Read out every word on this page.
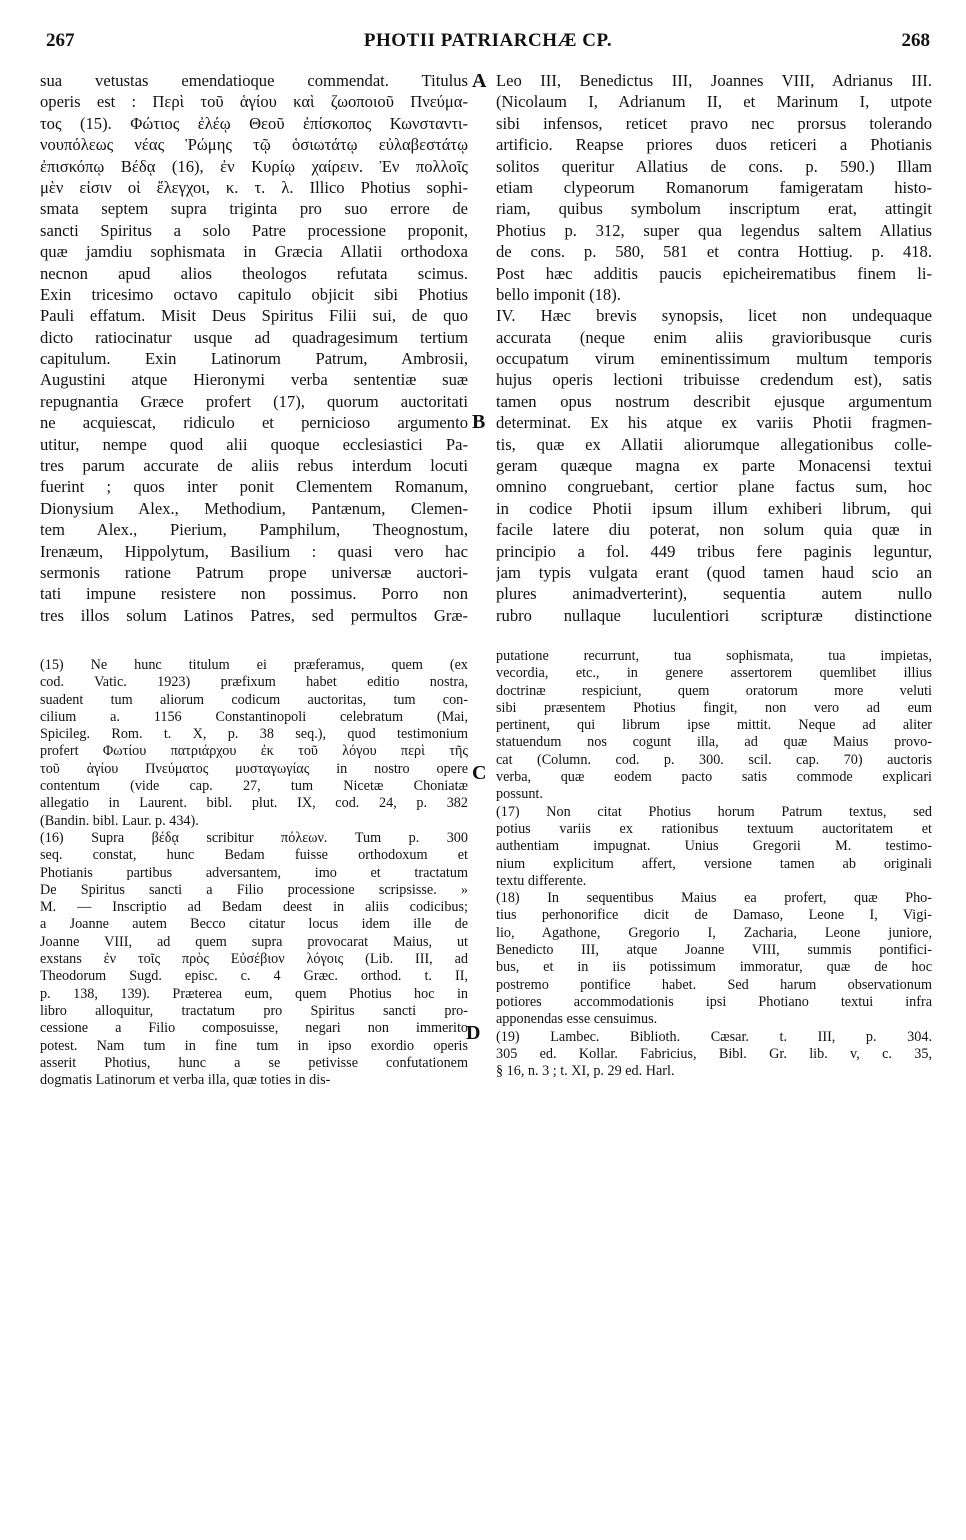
267	PHOTII PATRIARCHÆ CP.	268

sua vetustas emendatioque commendat. Titulus

operis est : Περὶ τοῦ ἁγίου καὶ ζωοποιοῦ Πνεύμα-

τος (15). Φώτιος ἐλέῳ Θεοῦ ἐπίσκοπος Κωνσταντι-

νουπόλεως νέας Ῥώμης τῷ ὁσιωτάτῳ εὐλαβεστάτῳ

ἐπισκόπῳ Βέδᾳ (16), ἐν Κυρίῳ χαίρειν. Ἐν πολλοῖς

μὲν εἰσιν οἱ ἔλεγχοι, κ. τ. λ. Illico Photius sophi-

smata septem supra triginta pro suo errore de

sancti Spiritus a solo Patre processione proponit,

quæ jamdiu sophismata in Græcia Allatii orthodoxa

necnon apud alios theologos refutata scimus.

Exin tricesimo octavo capitulo objicit sibi Photius

Pauli effatum. Misit Deus Spiritus Filii sui, de quo

dicto ratiocinatur usque ad quadragesimum tertium

capitulum. Exin Latinorum Patrum, Ambrosii,

Augustini atque Hieronymi verba sententiæ suæ

repugnantia Græce profert (17), quorum auctoritati

ne acquiescat, ridiculo et pernicioso argumento

utitur, nempe quod alii quoque ecclesiastici Pa-

tres parum accurate de aliis rebus interdum locuti

fuerint ; quos inter ponit Clementem Romanum,

Dionysium Alex., Methodium, Pantænum, Clemen-

tem Alex., Pierium, Pamphilum, Theognostum,

Irenæum, Hippolytum, Basilium : quasi vero hac

sermonis ratione Patrum prope universæ auctori-

tati impune resistere non possimus. Porro non

tres illos solum Latinos Patres, sed permultos Græ-

Leo III, Benedictus III, Joannes VIII, Adrianus III.

(Nicolaum I, Adrianum II, et Marinum I, utpote

sibi infensos, reticet pravo nec prorsus tolerando

artificio. Reapse priores duos reticeri a Photianis

solitos queritur Allatius de cons. p. 590.) Illam

etiam clypeorum Romanorum famigeratam histo-

riam, quibus symbolum inscriptum erat, attingit

Photius p. 312, super qua legendus saltem Allatius

de cons. p. 580, 581 et contra Hottiug. p. 418.

Post hæc additis paucis epicheirematibus finem li-

bello imponit (18).

IV. Hæc brevis synopsis, licet non undequaque

accurata (neque enim aliis gravioribusque curis

occupatum virum eminentissimum multum temporis

hujus operis lectioni tribuisse credendum est), satis

tamen opus nostrum describit ejusque argumentum

determinat. Ex his atque ex variis Photii fragmen-

tis, quæ ex Allatii aliorumque allegationibus colle-

geram quæque magna ex parte Monacensi textui

omnino congruebant, certior plane factus sum, hoc

in codice Photii ipsum illum exhiberi librum, qui

facile latere diu poterat, non solum quia quæ in

principio a fol. 449 tribus fere paginis leguntur,

jam typis vulgata erant (quod tamen haud scio an

plures animadverterint), sequentia autem nullo

rubro nullaque luculentiori scripturæ distinctione

(15) Ne hunc titulum ei præferamus, quem (ex

cod. Vatic. 1923) præfixum habet editio nostra,

suadent tum aliorum codicum auctoritas, tum con-

cilium a. 1156 Constantinopoli celebratum (Mai,

Spicileg. Rom. t. X, p. 38 seq.), quod testimonium

profert Φωτίου πατριάρχου ἐκ τοῦ λόγου περὶ τῆς

τοῦ ἁγίου Πνεύματος μυσταγωγίας in nostro opere

contentum (vide cap. 27, tum Nicetæ Choniatæ

allegatio in Laurent. bibl. plut. IX, cod. 24, p. 382

(Bandin. bibl. Laur. p. 434).

(16) Supra βέδᾳ scribitur πόλεων. Tum p. 300

seq. constat, hunc Bedam fuisse orthodoxum et

Photianis partibus adversantem, imo et tractatum

De Spiritus sancti a Filio processione scripsisse. »

M. — Inscriptio ad Bedam deest in aliis codicibus;

a Joanne autem Becco citatur locus idem ille de

Joanne VIII, ad quem supra provocarat Maius, ut

exstans ἐν τοῖς πρὸς Εὐσέβιον λόγοις (Lib. III, ad

Theodorum Sugd. episc. c. 4 Græc. orthod. t. II,

p. 138, 139). Præterea eum, quem Photius hoc in

libro alloquitur, tractatum pro Spiritus sancti pro-

cessione a Filio composuisse, negari non immerito

potest. Nam tum in fine tum in ipso exordio operis

asserit Photius, hunc a se petivisse confutationem

dogmatis Latinorum et verba illa, quæ toties in dis-

putatione recurrunt, tua sophismata, tua impietas,

vecordia, etc., in genere assertorem quemlibet illius

doctrinæ respiciunt, quem oratorum more veluti

sibi præsentem Photius fingit, non vero ad eum

pertinent, qui librum ipse mittit. Neque ad aliter

statuendum nos cogunt illa, ad quæ Maius provo-

cat (Column. cod. p. 300. scil. cap. 70) auctoris

verba, quæ eodem pacto satis commode explicari

possunt.

(17) Non citat Photius horum Patrum textus, sed

potius variis ex rationibus textuum auctoritatem et

authentiam impugnat. Unius Gregorii M. testimo-

nium explicitum affert, versione tamen ab originali

textu differente.

(18) In sequentibus Maius ea profert, quæ Pho-

tius perhonorifice dicit de Damaso, Leone I, Vigi-

lio, Agathone, Gregorio I, Zacharia, Leone juniore,

Benedicto III, atque Joanne VIII, summis pontifici-

bus, et in iis potissimum immoratur, quæ de hoc

postremo pontifice habet. Sed harum observationum

potiores accommodationis ipsi Photiano textui infra

apponendas esse censuimus.

(19) Lambec. Biblioth. Cæsar. t. III, p. 304.

305 ed. Kollar. Fabricius, Bibl. Gr. lib. v, c. 35,

§ 16, n. 3 ; t. XI, p. 29 ed. Harl.

A
B
C
D
